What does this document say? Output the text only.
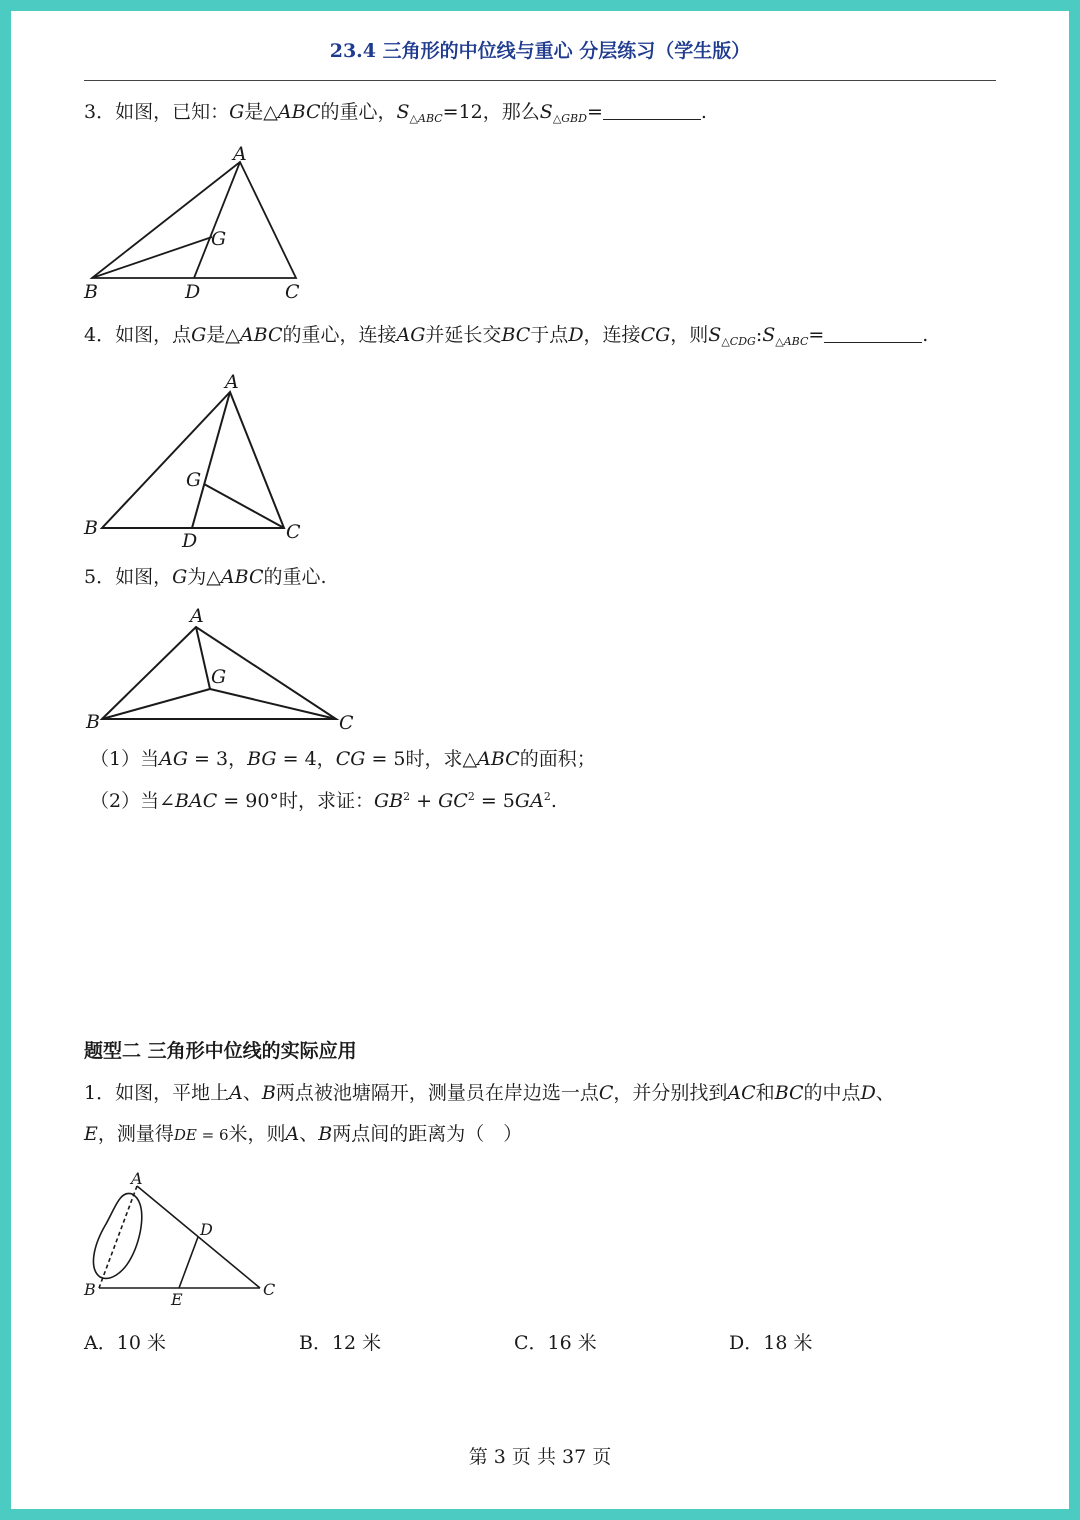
23.4 三角形的中位线与重心 分层练习（学生版）
3．如图，已知：G是△ABC的重心，$S_{\triangle ABC}=12$，那么$S_{\triangle GBD}=$	.
A
G
B	D	C
A
G
B
D	C
A
G
B	C
A
B	C
D
E
4．如图，点G是△ABC的重心，连接AG并延长交BC于点D，连接CG，则$S_{\triangle CDG}:S_{\triangle ABC}=$	.
5．如图，G为△ABC的重心.
（1）当AG = 3，BG = 4，CG = 5时，求△ABC的面积；
（2）当∠BAC = 90°时，求证：$GB^2 + GC^2 = 5GA^2$.
题型二 三角形中位线的实际应用
1．如图，平地上A、B两点被池塘隔开，测量员在岸边选一点C，并分别找到AC和BC的中点D、
E，测量得DE = 6米，则A、B两点间的距离为（　）
A．10 米	B．12 米	C．16 米	D．18 米
第 3 页 共 37 页
